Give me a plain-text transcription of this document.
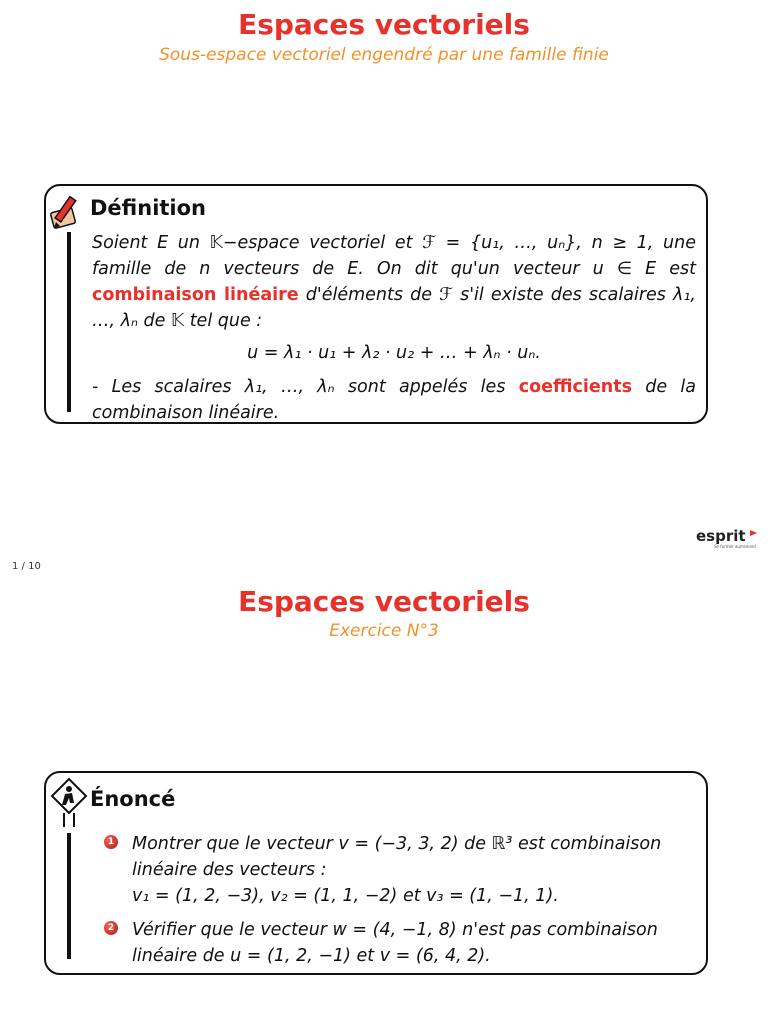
Espaces vectoriels
Sous-espace vectoriel engendré par une famille finie
Définition
Soient E un 𝕂−espace vectoriel et ℱ = {u₁, …, uₙ}, n ≥ 1, une famille de n vecteurs de E. On dit qu'un vecteur u ∈ E est combinaison linéaire d'éléments de ℱ s'il existe des scalaires λ₁, …, λₙ de 𝕂 tel que :
u = λ₁ · u₁ + λ₂ · u₂ + … + λₙ · uₙ.
- Les scalaires λ₁, …, λₙ sont appelés les coefficients de la combinaison linéaire.
esprit
Se former autrement
1 / 10
Espaces vectoriels
Exercice N°3
Énoncé
1 Montrer que le vecteur v = (−3, 3, 2) de ℝ³ est combinaison
linéaire des vecteurs :
v₁ = (1, 2, −3), v₂ = (1, 1, −2) et v₃ = (1, −1, 1).
2 Vérifier que le vecteur w = (4, −1, 8) n'est pas combinaison
linéaire de u = (1, 2, −1) et v = (6, 4, 2).
